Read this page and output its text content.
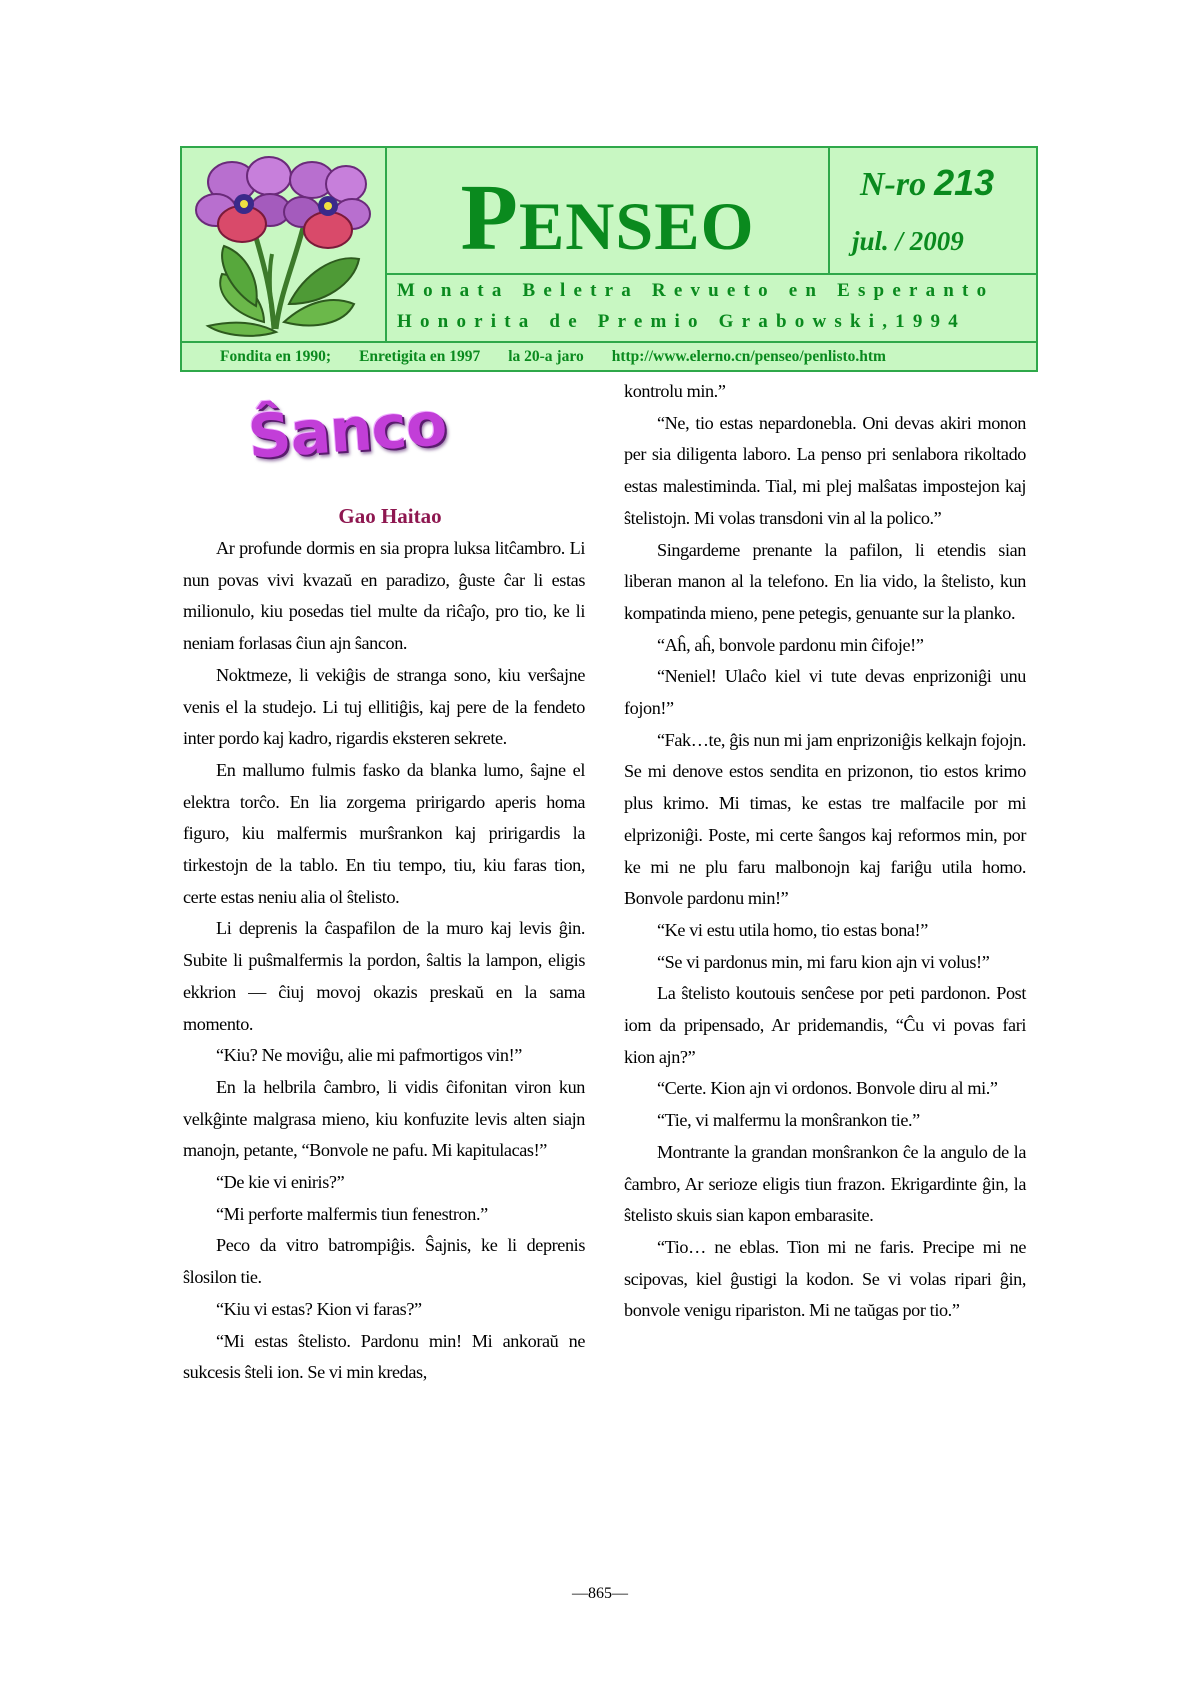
PENSEO
N-ro 213
jul. / 2009
Monata Beletra Revueto en Esperanto
Honorita de Premio Grabowski,1994
Fondita en 1990; Enretigita en 1997 la 20-a jaro http://www.elerno.cn/penseo/penlisto.htm
Ŝanco
Gao Haitao

Ar profunde dormis en sia propra luksa litĉambro. Li nun povas vivi kvazaŭ en paradizo, ĝuste ĉar li estas milionulo, kiu posedas tiel multe da riĉaĵo, pro tio, ke li neniam forlasas ĉiun ajn ŝancon.

Noktmeze, li vekiĝis de stranga sono, kiu verŝajne venis el la studejo. Li tuj ellitiĝis, kaj pere de la fendeto inter pordo kaj kadro, rigardis eksteren sekrete.

En mallumo fulmis fasko da blanka lumo, ŝajne el elektra torĉo. En lia zorgema pririgardo aperis homa figuro, kiu malfermis murŝrankon kaj pririgardis la tirkestojn de la tablo. En tiu tempo, tiu, kiu faras tion, certe estas neniu alia ol ŝtelisto.

Li deprenis la ĉaspafilon de la muro kaj levis ĝin. Subite li puŝmalfermis la pordon, ŝaltis la lampon, eligis ekkrion — ĉiuj movoj okazis preskaŭ en la sama momento.

“Kiu? Ne moviĝu, alie mi pafmortigos vin!”

En la helbrila ĉambro, li vidis ĉifonitan viron kun velkĝinte malgrasa mieno, kiu konfuzite levis alten siajn manojn, petante, “Bonvole ne pafu. Mi kapitulacas!”

“De kie vi eniris?”

“Mi perforte malfermis tiun fenestron.”

Peco da vitro batrompiĝis. Ŝajnis, ke li deprenis ŝlosilon tie.

“Kiu vi estas? Kion vi faras?”

“Mi estas ŝtelisto. Pardonu min! Mi ankoraŭ ne sukcesis ŝteli ion. Se vi min kredas,

kontrolu min.”

“Ne, tio estas nepardonebla. Oni devas akiri monon per sia diligenta laboro. La penso pri senlabora rikoltado estas malestiminda. Tial, mi plej malŝatas impostejon kaj ŝtelistojn. Mi volas transdoni vin al la polico.”

Singardeme prenante la pafilon, li etendis sian liberan manon al la telefono. En lia vido, la ŝtelisto, kun kompatinda mieno, pene petegis, genuante sur la planko.

“Aĥ, aĥ, bonvole pardonu min ĉifoje!”

“Neniel! Ulaĉo kiel vi tute devas enprizoniĝi unu fojon!”

“Fak…te, ĝis nun mi jam enprizoniĝis kelkajn fojojn. Se mi denove estos sendita en prizonon, tio estos krimo plus krimo. Mi timas, ke estas tre malfacile por mi elprizoniĝi. Poste, mi certe ŝangos kaj reformos min, por ke mi ne plu faru malbonojn kaj fariĝu utila homo. Bonvole pardonu min!”

“Ke vi estu utila homo, tio estas bona!”

“Se vi pardonus min, mi faru kion ajn vi volus!”

La ŝtelisto koutouis senĉese por peti pardonon. Post iom da pripensado, Ar pridemandis, “Ĉu vi povas fari kion ajn?”

“Certe. Kion ajn vi ordonos. Bonvole diru al mi.”

“Tie, vi malfermu la monŝrankon tie.”

Montrante la grandan monŝrankon ĉe la angulo de la ĉambro, Ar serioze eligis tiun frazon. Ekrigardinte ĝin, la ŝtelisto skuis sian kapon embarasite.

“Tio… ne eblas. Tion mi ne faris. Precipe mi ne scipovas, kiel ĝustigi la kodon. Se vi volas ripari ĝin, bonvole venigu ripariston. Mi ne taŭgas por tio.”

—865—
